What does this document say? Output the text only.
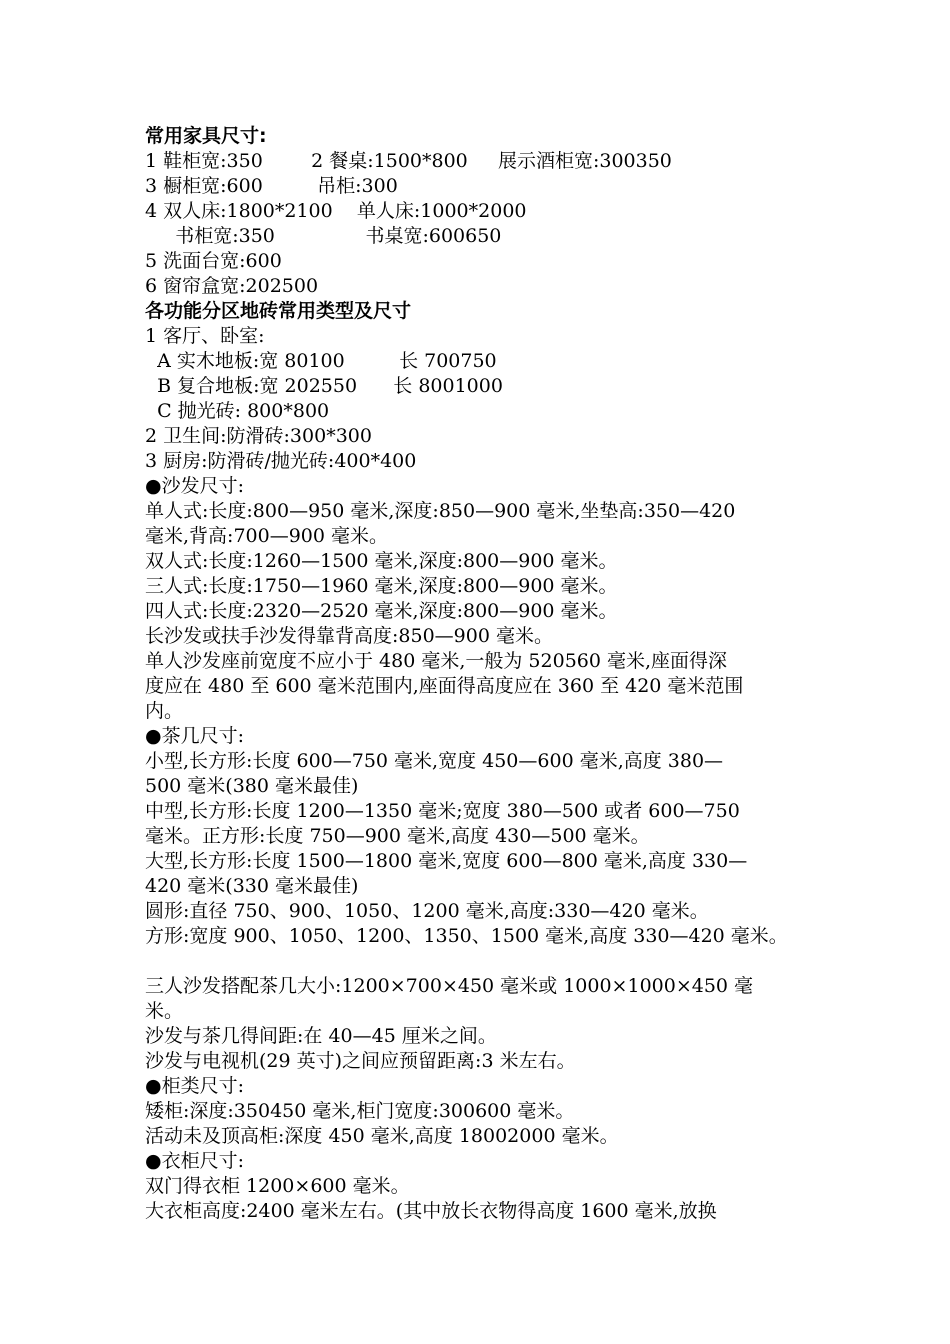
常用家具尺寸:
1 鞋柜宽:350        2 餐桌:1500*800     展示酒柜宽:300350
3 橱柜宽:600         吊柜:300
4 双人床:1800*2100    单人床:1000*2000
书柜宽:350               书桌宽:600650
5 洗面台宽:600
6 窗帘盒宽:202500
各功能分区地砖常用类型及尺寸
1 客厅、卧室:
A 实木地板:宽 80100         长 700750
B 复合地板:宽 202550      长 8001000
C 抛光砖: 800*800
2 卫生间:防滑砖:300*300
3 厨房:防滑砖/抛光砖:400*400
●沙发尺寸:
单人式:长度:800—950 毫米,深度:850—900 毫米,坐垫高:350—420
毫米,背高:700—900 毫米。
双人式:长度:1260—1500 毫米,深度:800—900 毫米。
三人式:长度:1750—1960 毫米,深度:800—900 毫米。
四人式:长度:2320—2520 毫米,深度:800—900 毫米。
长沙发或扶手沙发得靠背高度:850—900 毫米。
单人沙发座前宽度不应小于 480 毫米,一般为 520560 毫米,座面得深
度应在 480 至 600 毫米范围内,座面得高度应在 360 至 420 毫米范围
内。
●茶几尺寸:
小型,长方形:长度 600—750 毫米,宽度 450—600 毫米,高度 380—
500 毫米(380 毫米最佳)
中型,长方形:长度 1200—1350 毫米;宽度 380—500 或者 600—750
毫米。正方形:长度 750—900 毫米,高度 430—500 毫米。
大型,长方形:长度 1500—1800 毫米,宽度 600—800 毫米,高度 330—
420 毫米(330 毫米最佳)
圆形:直径 750、900、1050、1200 毫米,高度:330—420 毫米。
方形:宽度 900、1050、1200、1350、1500 毫米,高度 330—420 毫米。
三人沙发搭配茶几大小:1200×700×450 毫米或 1000×1000×450 毫
米。
沙发与茶几得间距:在 40—45 厘米之间。
沙发与电视机(29 英寸)之间应预留距离:3 米左右。
●柜类尺寸:
矮柜:深度:350450 毫米,柜门宽度:300600 毫米。
活动未及顶高柜:深度 450 毫米,高度 18002000 毫米。
●衣柜尺寸:
双门得衣柜 1200×600 毫米。
大衣柜高度:2400 毫米左右。(其中放长衣物得高度 1600 毫米,放换
